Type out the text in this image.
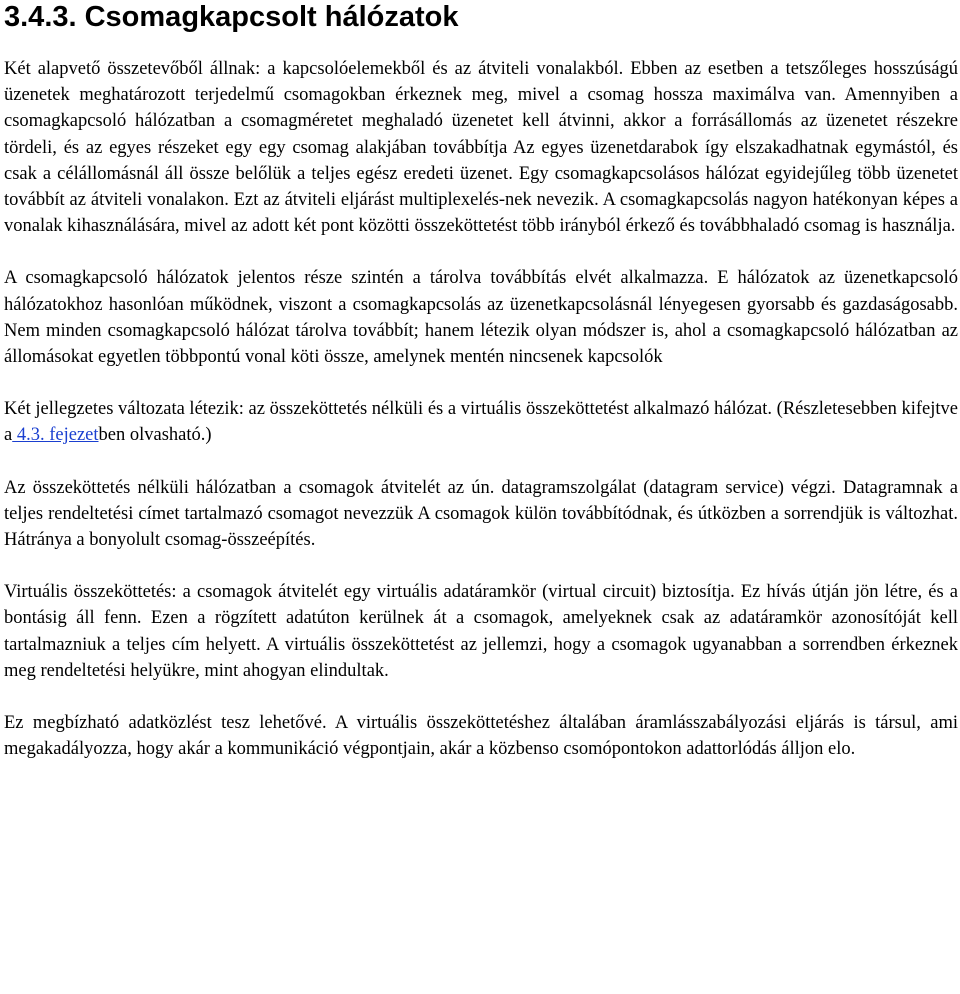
3.4.3. Csomagkapcsolt hálózatok

Két alapvető összetevőből állnak: a kapcsolóelemekből és az átviteli vonalakból. Ebben az esetben a tetszőleges hosszúságú üzenetek meghatározott terjedelmű csomagokban érkeznek meg, mivel a csomag hossza maximálva van. Amennyiben a csomagkapcsoló hálózatban a csomagméretet meghaladó üzenetet kell átvinni, akkor a forrásállomás az üzenetet részekre tördeli, és az egyes részeket egy egy csomag alakjában továbbítja Az egyes üzenetdarabok így elszakadhatnak egymástól, és csak a célállomásnál áll össze belőlük a teljes egész eredeti üzenet. Egy csomagkapcsolásos hálózat egyidejűleg több üzenetet továbbít az átviteli vonalakon. Ezt az átviteli eljárást multiplexelés-nek nevezik. A csomagkapcsolás nagyon hatékonyan képes a vonalak kihasználására, mivel az adott két pont közötti összeköttetést több irányból érkező és továbbhaladó csomag is használja.

A csomagkapcsoló hálózatok jelentos része szintén a tárolva továbbítás elvét alkalmazza. E hálózatok az üzenetkapcsoló hálózatokhoz hasonlóan működnek, viszont a csomagkapcsolás az üzenetkapcsolásnál lényegesen gyorsabb és gazdaságosabb. Nem minden csomagkapcsoló hálózat tárolva továbbít; hanem létezik olyan módszer is, ahol a csomagkapcsoló hálózatban az állomásokat egyetlen többpontú vonal köti össze, amelynek mentén nincsenek kapcsolók

Két jellegzetes változata létezik: az összeköttetés nélküli és a virtuális összeköttetést alkalmazó hálózat. (Részletesebben kifejtve a 4.3. fejezetben olvasható.)

Az összeköttetés nélküli hálózatban a csomagok átvitelét az ún. datagramszolgálat (datagram service) végzi. Datagramnak a teljes rendeltetési címet tartalmazó csomagot nevezzük A csomagok külön továbbítódnak, és útközben a sorrendjük is változhat. Hátránya a bonyolult csomag-összeépítés.

Virtuális összeköttetés: a csomagok átvitelét egy virtuális adatáramkör (virtual circuit) biztosítja. Ez hívás útján jön létre, és a bontásig áll fenn. Ezen a rögzített adatúton kerülnek át a csomagok, amelyeknek csak az adatáramkör azonosítóját kell tartalmazniuk a teljes cím helyett. A virtuális összeköttetést az jellemzi, hogy a csomagok ugyanabban a sorrendben érkeznek meg rendeltetési helyükre, mint ahogyan elindultak.

Ez megbízható adatközlést tesz lehetővé. A virtuális összeköttetéshez általában áramlásszabályozási eljárás is társul, ami megakadályozza, hogy akár a kommunikáció végpontjain, akár a közbenso csomópontokon adattorlódás álljon elo.
